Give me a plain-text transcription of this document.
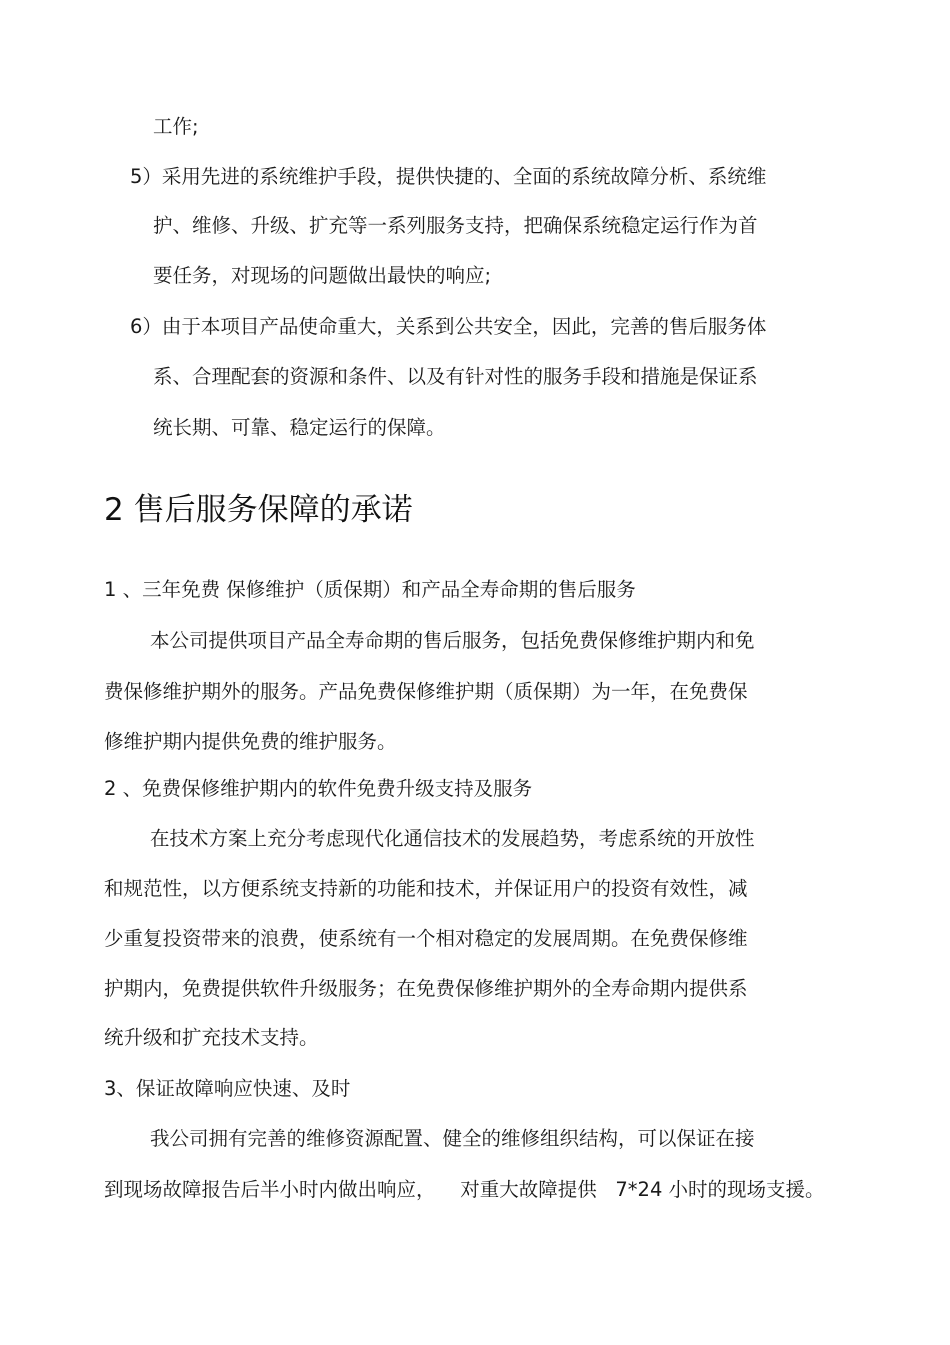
工作;
5）采用先进的系统维护手段，提供快捷的、全面的系统故障分析、系统维
护、维修、升级、扩充等一系列服务支持，把确保系统稳定运行作为首
要任务，对现场的问题做出最快的响应;
6）由于本项目产品使命重大，关系到公共安全，因此，完善的售后服务体
系、合理配套的资源和条件、以及有针对性的服务手段和措施是保证系
统长期、可靠、稳定运行的保障。
2 售后服务保障的承诺
1 、三年免费 保修维护（质保期）和产品全寿命期的售后服务
本公司提供项目产品全寿命期的售后服务，包括免费保修维护期内和免
费保修维护期外的服务。产品免费保修维护期（质保期）为一年，在免费保
修维护期内提供免费的维护服务。
2 、免费保修维护期内的软件免费升级支持及服务
在技术方案上充分考虑现代化通信技术的发展趋势，考虑系统的开放性
和规范性，以方便系统支持新的功能和技术，并保证用户的投资有效性，减
少重复投资带来的浪费，使系统有一个相对稳定的发展周期。在免费保修维
护期内，免费提供软件升级服务；在免费保修维护期外的全寿命期内提供系
统升级和扩充技术支持。
3、保证故障响应快速、及时
我公司拥有完善的维修资源配置、健全的维修组织结构，可以保证在接
到现场故障报告后半小时内做出响应，    对重大故障提供   7*24 小时的现场支援。
